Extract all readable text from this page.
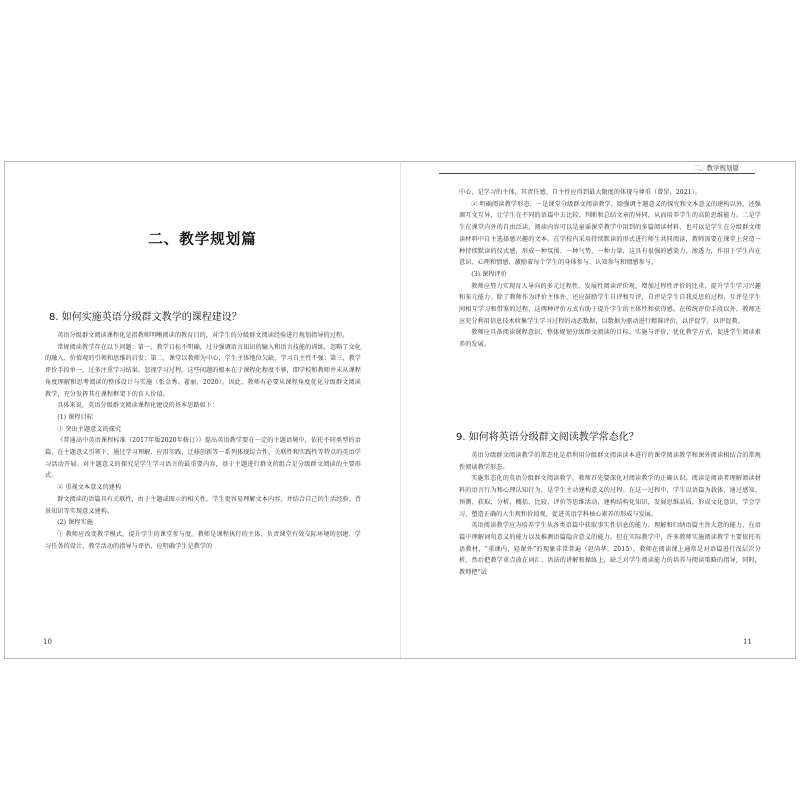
二、教学规划篇
8. 如何实施英语分级群文教学的课程建设？

英语分级群文阅读课程化是指教师明晰阅读的教育目的，对学生的分级群文阅读经验进行规划指导的过程。

常规阅读教学存在以下问题：第一，教学目标不明确，过分强调语言知识的输入和语言技能的训练，忽略了文化的融入、价值观的引领和思维的启发；第二，课堂以教师为中心，学生主体地位欠缺，学习自主性不强；第三，教学评价手段单一，过多注重学习结果，忽视学习过程。这些问题的根本在于课程化程度不够，即学校和教师并未从课程角度理解和思考阅读的整体设计与实施（张金秀、翟丽，2020）。因此，教师有必要从课程角度优化分级群文阅读教学，充分发挥其在课程框架下的育人价值。

具体来说，英语分级群文阅读课程化建设的基本思路如下：

(1) 课程目标

① 突出主题意义的探究

《普通高中英语课程标准（2017年版2020年修订）》提出英语教学要在一定的主题语境中，依托不同类型的语篇，在主题意义引领下，通过学习理解、应用实践、迁移创新等一系列体现综合性、关联性和实践性等特点的英语学习活动开展。对主题意义的探究是学生学习语言的最重要内容，基于主题进行群文的组合是分级群文阅读的主要形式。

② 重视文本意义的建构

群文阅读的语篇具有关联性，由于主题或图示的相关性，学生更容易理解文本内容，并结合自己的生活经验、背景知识等实现意义建构。

(2) 课程实施

① 教师应改变教学模式，提升学生的课堂参与度。教师是课程执行的主体，负责课堂有效交际环境的创建、学习任务的设计、教学活动的指导与评估，应明确学生是教学的

10
二、教学规划篇

中心，是学习的主体，其责任感、自主性应得到最大限度的体现与尊重（曾罡，2021）。

② 明确阅读教学形态。一是课堂分级群文阅读教学，除强调主题意义的探究和文本意义的建构以外，还强调互文互异，让学生在不同的语篇中去比较、判断和总结文章的异同，从而培养学生的高阶思维能力。二是学生在课堂内外的自由泛读，阅读内容可以是童谣课堂教学中用到的多篇阅读材料，也可以是学生在分级群文阅读材料中自主选择感兴趣的文本。在学校内采用持续默读的形式进行师生共同阅读，教师需要在课堂上营造一种持续默读的仪式感，形成一种氛围、一种气势、一种力量，这具有很强的感染力、渗透力，作用于学生内在意识、心理和情感，激励着每个学生的身体参与、认知参与和情感参与。

(3) 课程评价

教师应努力实现育人导向的多元过程性、发展性阅读评价观，增加过程性评价的比重，提升学生学习兴趣和多元能力。除了教师作为评价主体外，还应鼓励学生自评和互评，自评是学生自我反思的过程，互评是学生间相互学习和借鉴的过程，这两种评价方式有助于提升学生的主体性和获得感。在传统评价手段以外，教师还应充分利用信息技术收集学生学习过程的动态数据，以数据为驱动进行精准评价，以评促学，以评促教。

教师应具备阅读课程意识，整体规划分级群文阅读的目标、实施与评价，优化教学方式，促进学生阅读素养的发展。

9. 如何将英语分级群文阅读教学常态化？

英语分级群文阅读教学的常态化是指利用分级群文阅读读本进行的课堂阅读教学和课外阅读相结合的常规性阅读教学形态。

实施常态化的英语分级群文阅读教学，教师首先要深化对阅读教学的正确认识。阅读是阅读者理解阅读材料的语言行为和心理认知行为，是学生主动建构意义的过程。在这一过程中，学生以语篇为载体，通过感知、预测、获取、分析、概括、比较、评价等思维活动，建构结构化知识，发展思维品质，形成文化意识，学会学习，塑造正确的人生观和价值观，促进英语学科核心素养的形成与发展。

英语阅读教学应为培养学生从各类语篇中获取事实性信息的能力、理解和归纳语篇主旨大意的能力、在语篇中理解词句意义的能力以及推测语篇隐含意义的能力。但在实际教学中，许多教师实施阅读教学主要依托英语教材，“重课内，轻课外”的现象非常普遍（赵尚华，2015）。教师在阅读课上通常是对语篇进行浅层次分析，然后把教学重点放在词汇、语法的讲解和操练上，缺乏对学生阅读能力的培养与阅读策略的指导，同时，教师把“试

11
